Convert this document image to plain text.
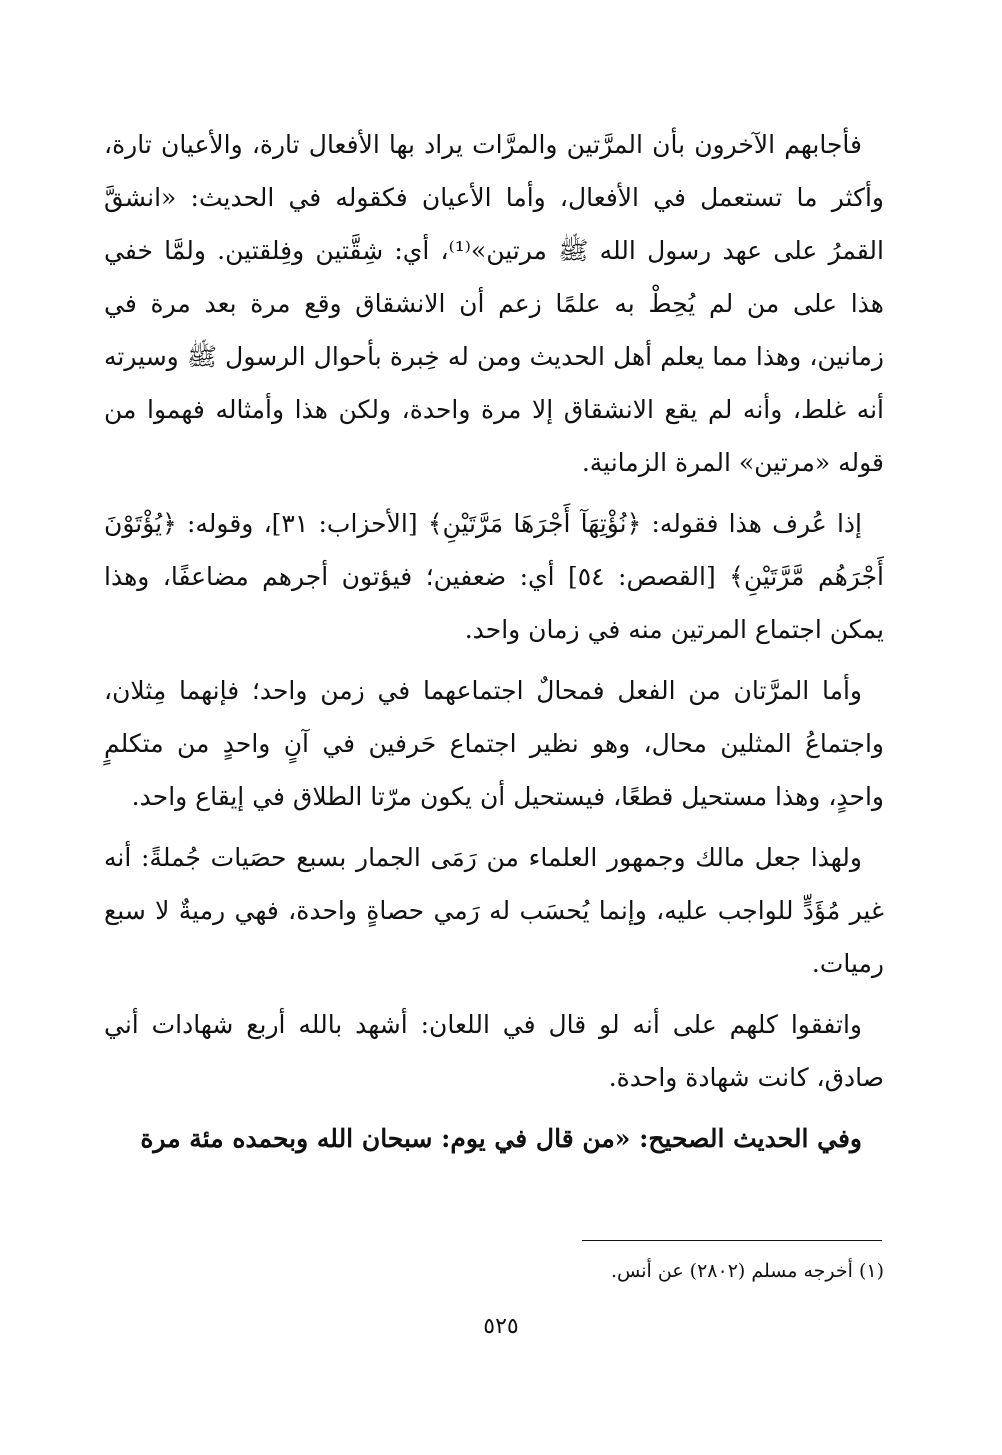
فأجابهم الآخرون بأن المرَّتين والمرَّات يراد بها الأفعال تارة، والأعيان تارة، وأكثر ما تستعمل في الأفعال، وأما الأعيان فكقوله في الحديث: «انشقَّ القمرُ على عهد رسول الله ﷺ مرتين»⁽¹⁾، أي: شِقَّتين وفِلقتين. ولمَّا خفي هذا على من لم يُحِطْ به علمًا زعم أن الانشقاق وقع مرة بعد مرة في زمانين، وهذا مما يعلم أهل الحديث ومن له خِبرة بأحوال الرسول ﷺ وسيرته أنه غلط، وأنه لم يقع الانشقاق إلا مرة واحدة، ولكن هذا وأمثاله فهموا من قوله «مرتين» المرة الزمانية.

إذا عُرف هذا فقوله: ﴿نُؤْتِهَآ أَجْرَهَا مَرَّتَيْنِ﴾ [الأحزاب: ٣١]، وقوله: ﴿يُؤْتَوْنَ أَجْرَهُم مَّرَّتَيْنِ﴾ [القصص: ٥٤] أي: ضعفين؛ فيؤتون أجرهم مضاعفًا، وهذا يمكن اجتماع المرتين منه في زمان واحد.

وأما المرَّتان من الفعل فمحالٌ اجتماعهما في زمن واحد؛ فإنهما مِثلان، واجتماعُ المثلين محال، وهو نظير اجتماع حَرفين في آنٍ واحدٍ من متكلمٍ واحدٍ، وهذا مستحيل قطعًا، فيستحيل أن يكون مرّتا الطلاق في إيقاع واحد.

ولهذا جعل مالك وجمهور العلماء من رَمَى الجمار بسبع حصَيات جُملةً: أنه غير مُؤَدٍّ للواجب عليه، وإنما يُحسَب له رَمي حصاةٍ واحدة، فهي رميةٌ لا سبع رميات.

واتفقوا كلهم على أنه لو قال في اللعان: أشهد بالله أربع شهادات أني صادق، كانت شهادة واحدة.

وفي الحديث الصحيح: «من قال في يوم: سبحان الله وبحمده مئة مرة

(١) أخرجه مسلم (٢٨٠٢) عن أنس.
٥٢٥
